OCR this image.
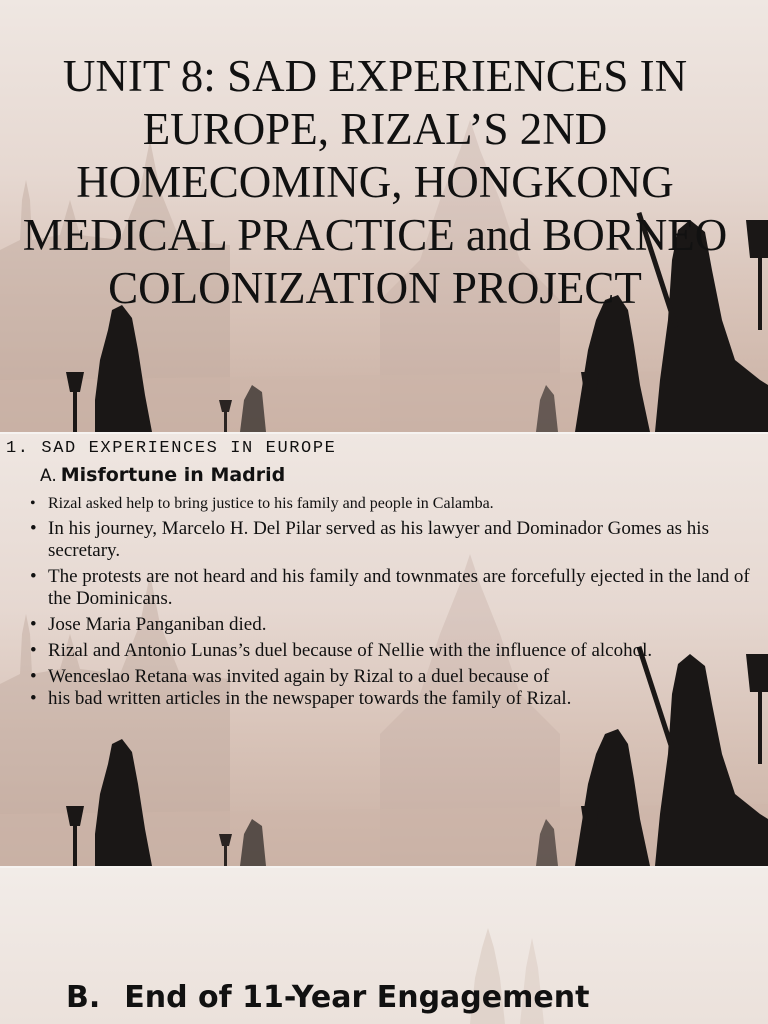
UNIT 8: SAD EXPERIENCES IN EUROPE, RIZAL’S 2ND HOMECOMING, HONGKONG MEDICAL PRACTICE and BORNEO COLONIZATION PROJECT
1. SAD EXPERIENCES IN EUROPE
A. Misfortune in Madrid
• Rizal asked help to bring justice to his family and people in Calamba.
• In his journey, Marcelo H. Del Pilar served as his lawyer and Dominador Gomes as his secretary.
• The protests are not heard and his family and townmates are forcefully ejected in the land of the Dominicans.
• Jose Maria Panganiban died.
• Rizal and Antonio Lunas’s duel because of Nellie with the influence of alcohol.
• Wenceslao Retana was invited again by Rizal to a duel because of
• his bad written articles in the newspaper towards the family of Rizal.
B. End of 11-Year Engagement
